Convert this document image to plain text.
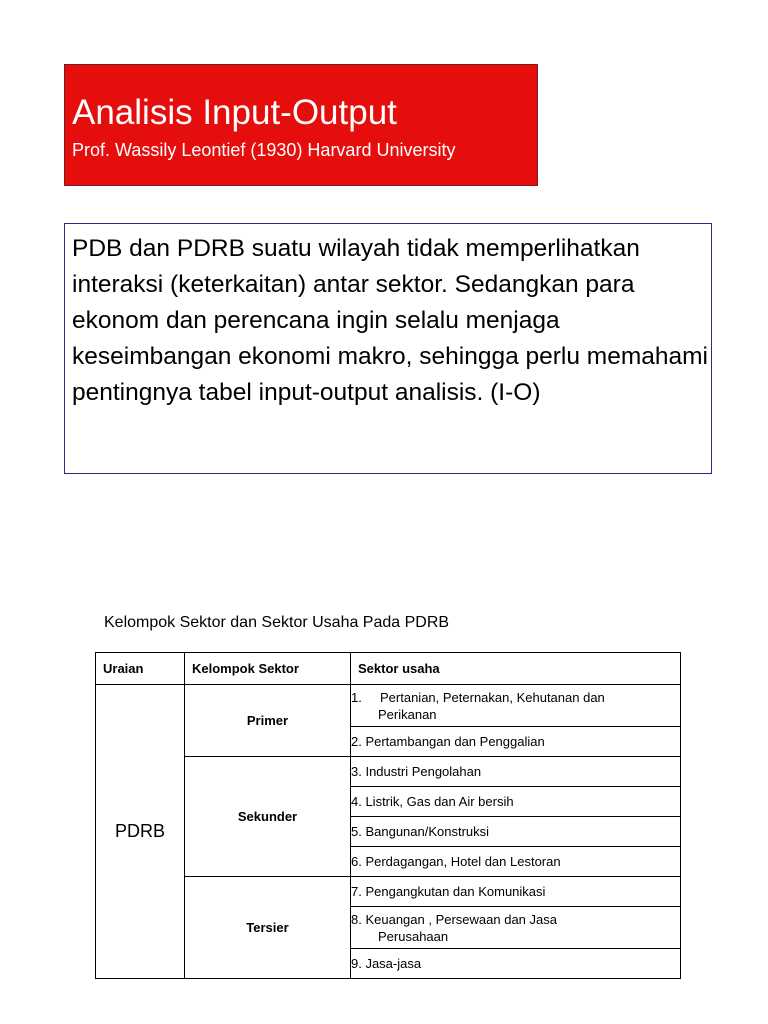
Analisis Input-Output
Prof. Wassily Leontief (1930) Harvard University

PDB dan PDRB suatu wilayah tidak memperlihatkan interaksi (keterkaitan) antar sektor. Sedangkan para ekonom dan perencana ingin selalu menjaga keseimbangan ekonomi makro, sehingga perlu memahami pentingnya tabel input-output analisis. (I-O)

Kelompok Sektor dan Sektor Usaha Pada PDRB
Uraian	Kelompok Sektor	Sektor usaha
PDRB	Primer	1. Pertanian, Peternakan, Kehutanan dan
Perikanan

		2. Pertambangan dan Penggalian
	Sekunder	3. Industri Pengolahan
		4. Listrik, Gas dan Air bersih
		5. Bangunan/Konstruksi
		6. Perdagangan, Hotel dan Lestoran
	Tersier	7. Pengangkutan dan Komunikasi
		8. Keuangan , Persewaan dan Jasa
Perusahaan

		9. Jasa-jasa
